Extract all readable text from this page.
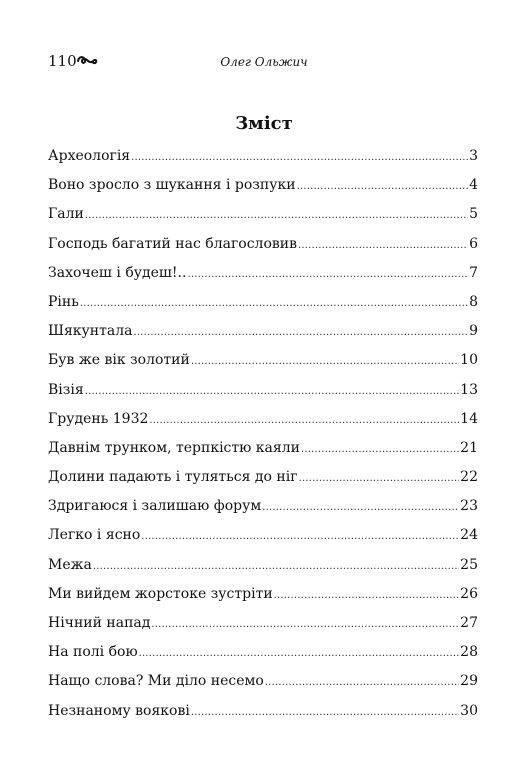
110	Олег Ольжич
Зміст
Археологія .....	3
Воно зросло з шукання і розпуки .....	4
Гали .....	5
Господь багатий нас благословив .....	6
Захочеш і будеш!.. .....	7
Рінь .....	8
Шякунтала .....	9
Був же вік золотий .....	10
Візія .....	13
Грудень 1932 .....	14
Давнім трунком, терпкістю каяли .....	21
Долини падають і туляться до ніг .....	22
Здригаюся і залишаю форум .....	23
Легко і ясно .....	24
Межа .....	25
Ми вийдем жорстоке зустріти .....	26
Нічний напад .....	27
На полі бою .....	28
Нащо слова? Ми діло несемо .....	29
Незнаному воякові .....	30
